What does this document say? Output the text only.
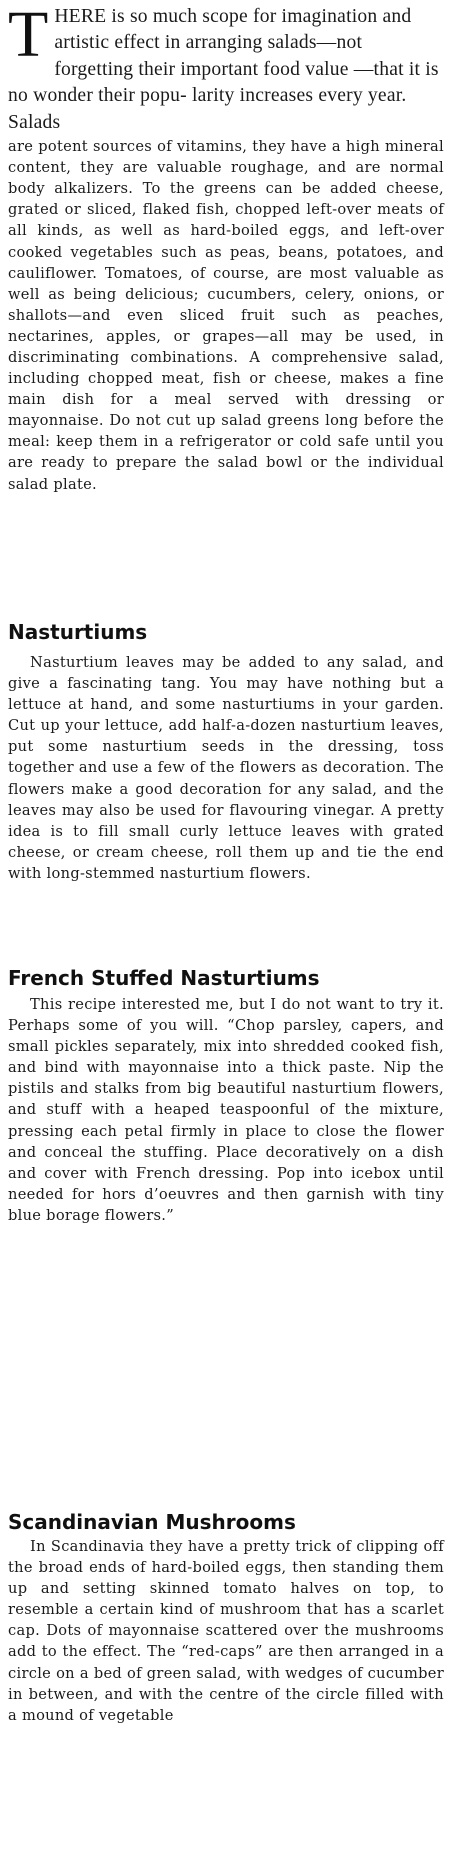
T HERE is so much scope for imagination and artistic effect in arranging salads—not forgetting their important food value —that it is no wonder their popu- larity increases every year. Salads

are potent sources of vitamins, they have a high mineral content, they are valuable roughage, and are normal body alkalizers. To the greens can be added cheese, grated or sliced, flaked fish, chopped left-over meats of all kinds, as well as hard-boiled eggs, and left-over cooked vegetables such as peas, beans, potatoes, and cauliflower. Tomatoes, of course, are most valuable as well as being delicious; cucumbers, celery, onions, or shallots—and even sliced fruit such as peaches, nectarines, apples, or grapes—all may be used, in discriminating combinations. A comprehensive salad, including chopped meat, fish or cheese, makes a fine main dish for a meal served with dressing or mayonnaise. Do not cut up salad greens long before the meal: keep them in a refrigerator or cold safe until you are ready to prepare the salad bowl or the individual salad plate.

Nasturtiums

Nasturtium leaves may be added to any salad, and give a fascinating tang. You may have nothing but a lettuce at hand, and some nasturtiums in your garden. Cut up your lettuce, add half-a-dozen nasturtium leaves, put some nasturtium seeds in the dressing, toss together and use a few of the flowers as decoration. The flowers make a good decoration for any salad, and the leaves may also be used for flavouring vinegar. A pretty idea is to fill small curly lettuce leaves with grated cheese, or cream cheese, roll them up and tie the end with long-stemmed nasturtium flowers.

French Stuffed Nasturtiums

This recipe interested me, but I do not want to try it. Perhaps some of you will. “Chop parsley, capers, and small pickles separately, mix into shredded cooked fish, and bind with mayonnaise into a thick paste. Nip the pistils and stalks from big beautiful nasturtium flowers, and stuff with a heaped teaspoonful of the mixture, pressing each petal firmly in place to close the flower and conceal the stuffing. Place decoratively on a dish and cover with French dressing. Pop into icebox until needed for hors d’oeuvres and then garnish with tiny blue borage flowers.”

Scandinavian Mushrooms

In Scandinavia they have a pretty trick of clipping off the broad ends of hard-boiled eggs, then standing them up and setting skinned tomato halves on top, to resemble a certain kind of mushroom that has a scarlet cap. Dots of mayonnaise scattered over the mushrooms add to the effect. The “red-caps” are then arranged in a circle on a bed of green salad, with wedges of cucumber in between, and with the centre of the circle filled with a mound of vegetable
